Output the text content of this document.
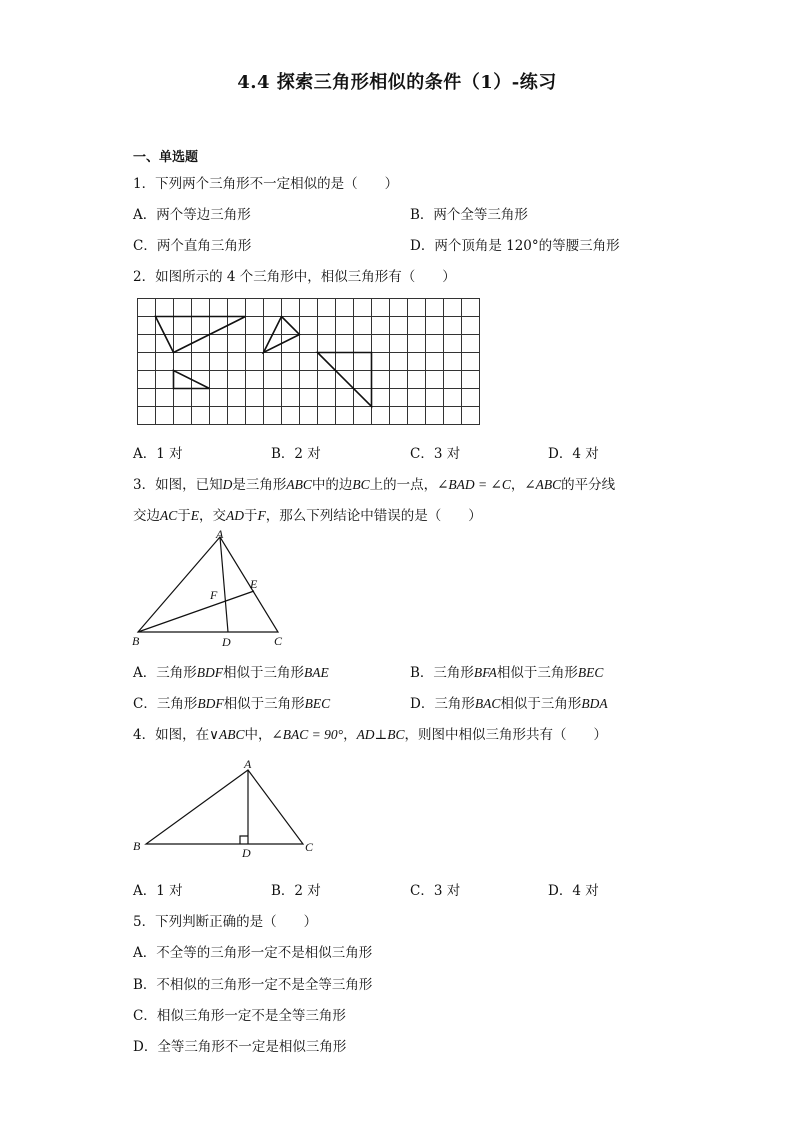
4.4 探索三角形相似的条件（1）-练习
一、单选题
1．下列两个三角形不一定相似的是（　　）
A．两个等边三角形	B．两个全等三角形
C．两个直角三角形	D．两个顶角是 120°的等腰三角形
2．如图所示的 4 个三角形中，相似三角形有（　　）
A．1 对	B．2 对	C．3 对	D．4 对
3．如图，已知D是三角形ABC中的边BC上的一点，∠BAD = ∠C，∠ABC的平分线
交边AC于E，交AD于F，那么下列结论中错误的是（　　）
A
B	C
D
E
F
A．三角形BDF相似于三角形BAE	B．三角形BFA相似于三角形BEC
C．三角形BDF相似于三角形BEC	D．三角形BAC相似于三角形BDA
4．如图，在∨ABC中，∠BAC = 90°，AD⊥BC，则图中相似三角形共有（　　）
A
B	C
D
A．1 对	B．2 对	C．3 对	D．4 对
5．下列判断正确的是（　　）
A．不全等的三角形一定不是相似三角形
B．不相似的三角形一定不是全等三角形
C．相似三角形一定不是全等三角形
D．全等三角形不一定是相似三角形
